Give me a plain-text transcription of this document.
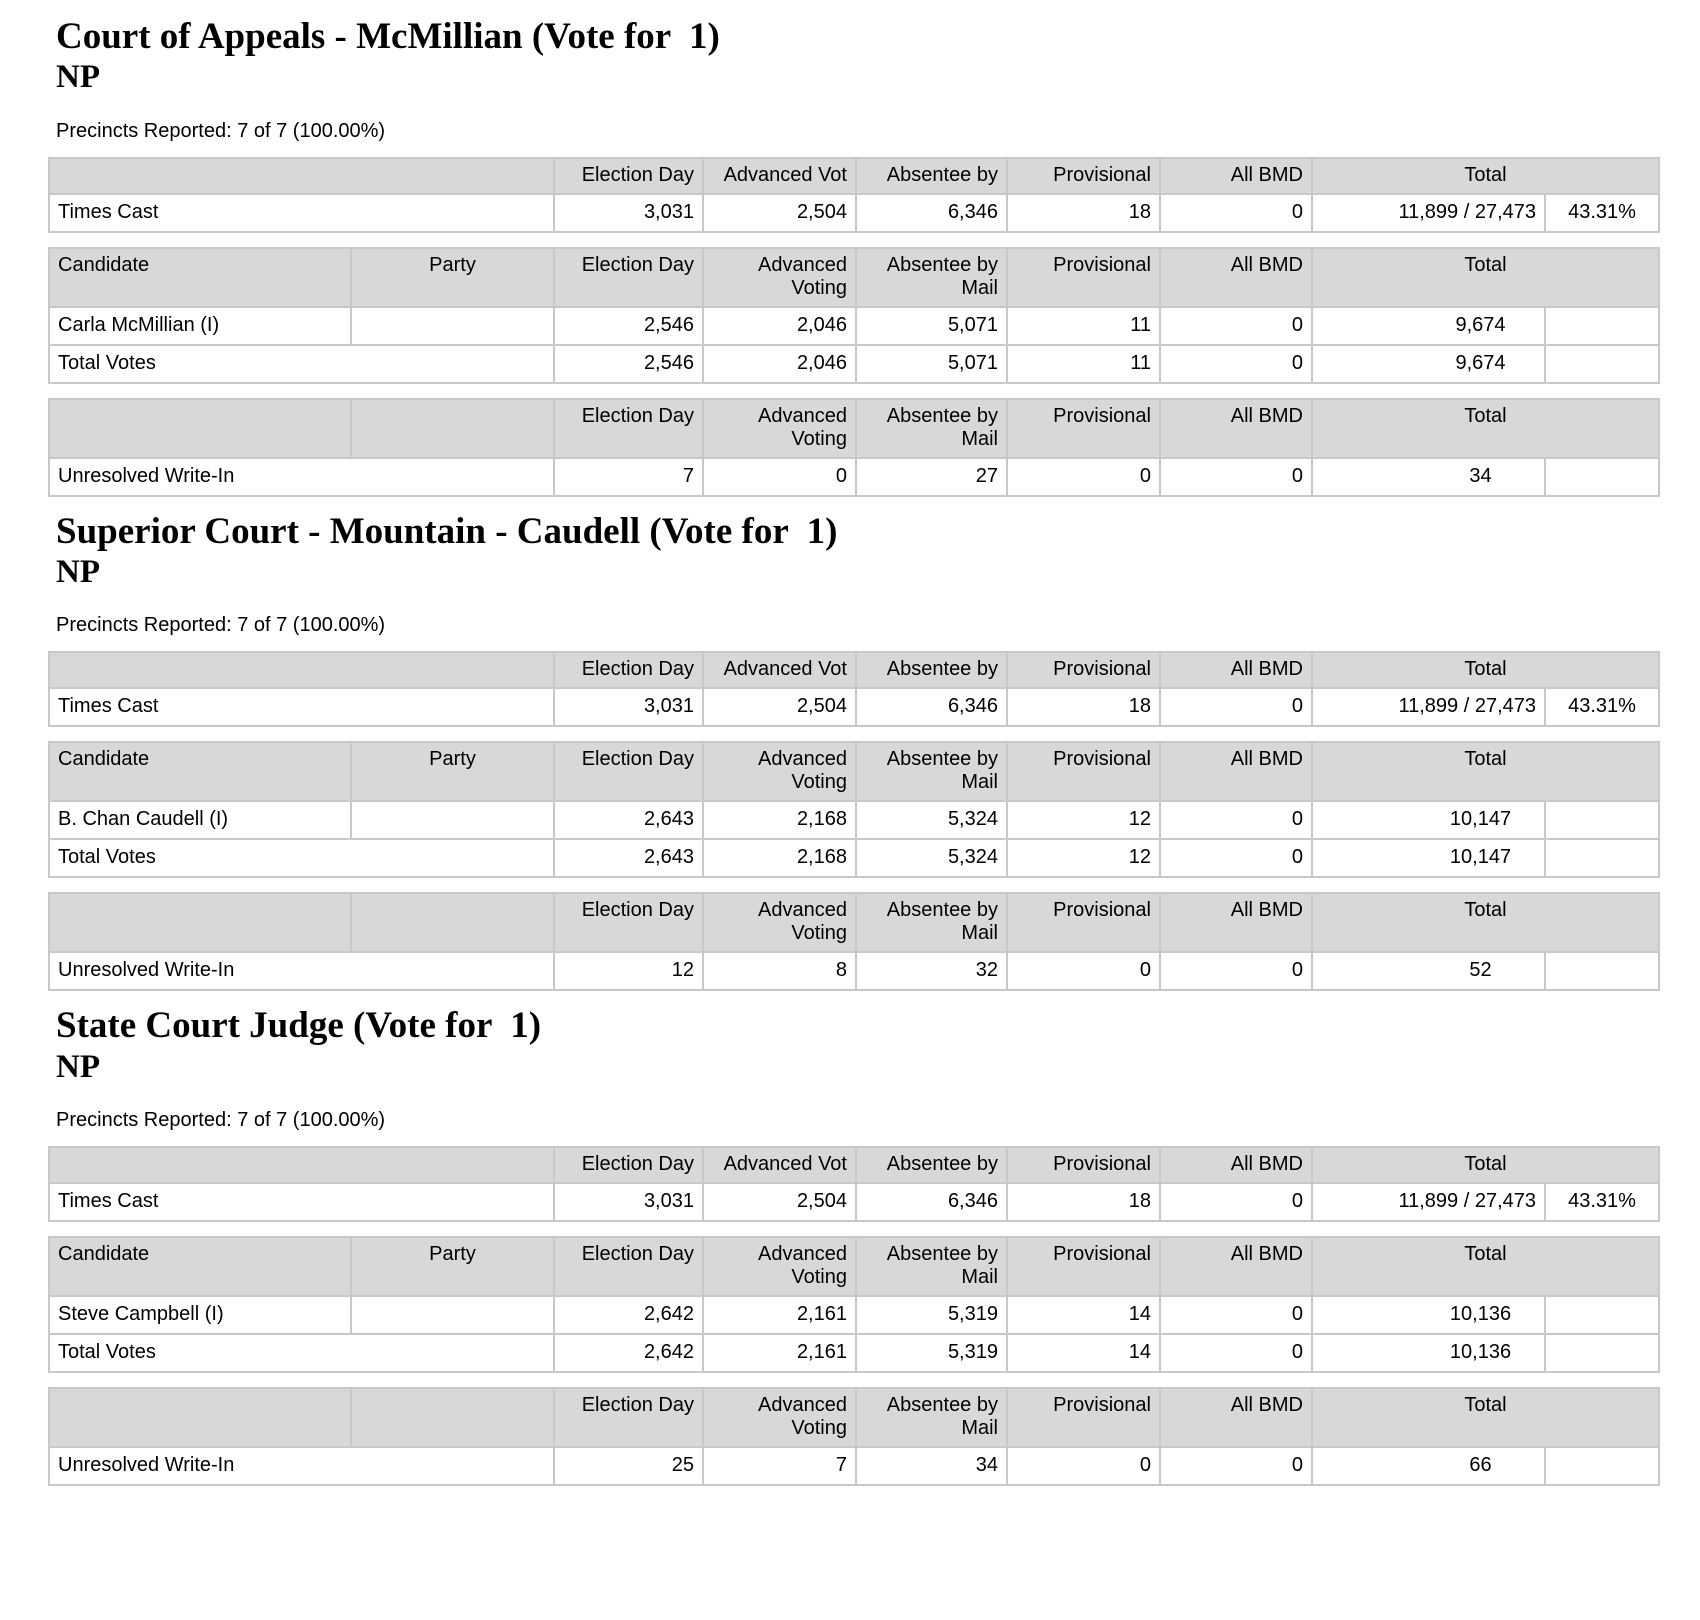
Court of Appeals - McMillian (Vote for  1)
NP

Precincts Reported: 7 of 7 (100.00%)

	Election Day	Advanced Vot	Absentee by	Provisional	All BMD	Total	
Times Cast	3,031	2,504	6,346	18	0	11,899 / 27,473	43.31%
Candidate	Party	Election Day	Advanced Voting	Absentee by Mail	Provisional	All BMD	Total	
Carla McMillian (I)		2,546	2,046	5,071	11	0	9,674	
Total Votes		2,546	2,046	5,071	11	0	9,674	
		Election Day	Advanced Voting	Absentee by Mail	Provisional	All BMD	Total	
Unresolved Write-In		7	0	27	0	0	34	
Superior Court - Mountain - Caudell (Vote for  1)
NP

Precincts Reported: 7 of 7 (100.00%)

	Election Day	Advanced Vot	Absentee by	Provisional	All BMD	Total	
Times Cast	3,031	2,504	6,346	18	0	11,899 / 27,473	43.31%
Candidate	Party	Election Day	Advanced Voting	Absentee by Mail	Provisional	All BMD	Total	
B. Chan Caudell (I)		2,643	2,168	5,324	12	0	10,147	
Total Votes		2,643	2,168	5,324	12	0	10,147	
		Election Day	Advanced Voting	Absentee by Mail	Provisional	All BMD	Total	
Unresolved Write-In		12	8	32	0	0	52	
State Court Judge (Vote for  1)
NP

Precincts Reported: 7 of 7 (100.00%)

	Election Day	Advanced Vot	Absentee by	Provisional	All BMD	Total	
Times Cast	3,031	2,504	6,346	18	0	11,899 / 27,473	43.31%
Candidate	Party	Election Day	Advanced Voting	Absentee by Mail	Provisional	All BMD	Total	
Steve Campbell (I)		2,642	2,161	5,319	14	0	10,136	
Total Votes		2,642	2,161	5,319	14	0	10,136	
		Election Day	Advanced Voting	Absentee by Mail	Provisional	All BMD	Total	
Unresolved Write-In		25	7	34	0	0	66	
